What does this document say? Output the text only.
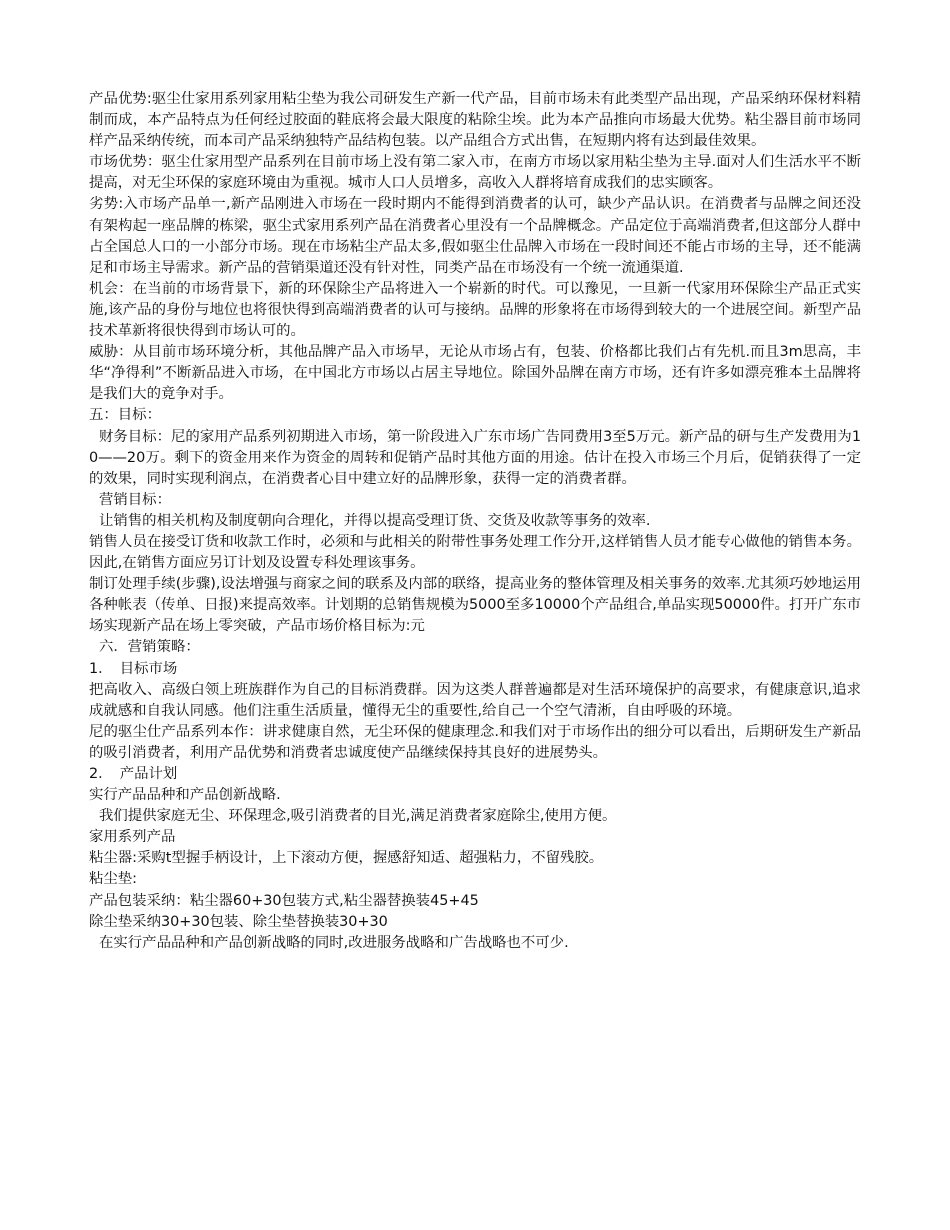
产品优势:驱尘仕家用系列家用粘尘垫为我公司研发生产新一代产品，目前市场未有此类型产品出现，产品采纳环保材料精制而成，本产品特点为任何经过胶面的鞋底将会最大限度的粘除尘埃。此为本产品推向市场最大优势。粘尘器目前市场同样产品采纳传统，而本司产品采纳独特产品结构包装。以产品组合方式出售，在短期内将有达到最佳效果。

市场优势：驱尘仕家用型产品系列在目前市场上没有第二家入市，在南方市场以家用粘尘垫为主导.面对人们生活水平不断提高，对无尘环保的家庭环境由为重视。城市人口人员增多，高收入人群将培育成我们的忠实顾客。

劣势:入市场产品单一,新产品刚进入市场在一段时期内不能得到消费者的认可，缺少产品认识。在消费者与品牌之间还没有架构起一座品牌的栋梁，驱尘式家用系列产品在消费者心里没有一个品牌概念。产品定位于高端消费者,但这部分人群中占全国总人口的一小部分市场。现在市场粘尘产品太多,假如驱尘仕品牌入市场在一段时间还不能占市场的主导，还不能满足和市场主导需求。新产品的营销渠道还没有针对性，同类产品在市场没有一个统一流通渠道.

机会：在当前的市场背景下，新的环保除尘产品将进入一个崭新的时代。可以豫见，一旦新一代家用环保除尘产品正式实施,该产品的身份与地位也将很快得到高端消费者的认可与接纳。品牌的形象将在市场得到较大的一个进展空间。新型产品技术革新将很快得到市场认可的。

威胁：从目前市场环境分析，其他品牌产品入市场早，无论从市场占有，包装、价格都比我们占有先机.而且3m思高，丰华“净得利”不断新品进入市场，在中国北方市场以占居主导地位。除国外品牌在南方市场，还有许多如漂亮雅本土品牌将是我们大的竟争对手。

五：目标：

财务目标：尼的家用产品系列初期进入市场，第一阶段进入广东市场广告同费用3至5万元。新产品的研与生产发费用为10——20万。剩下的资金用来作为资金的周转和促销产品时其他方面的用途。估计在投入市场三个月后，促销获得了一定的效果，同时实现利润点，在消费者心目中建立好的品牌形象，获得一定的消费者群。

营销目标：

让销售的相关机构及制度朝向合理化，并得以提高受理订货、交货及收款等事务的效率.

销售人员在接受订货和收款工作时，必须和与此相关的附带性事务处理工作分开,这样销售人员才能专心做他的销售本务。因此,在销售方面应另订计划及设置专科处理该事务。

制订处理手续(步骤),设法增强与商家之间的联系及内部的联络，提高业务的整体管理及相关事务的效率.尤其须巧妙地运用各种帐表（传单、日报)来提高效率。计划期的总销售规模为5000至多10000个产品组合,单品实现50000件。打开广东市场实现新产品在场上零突破，产品市场价格目标为:元

六．营销策略：

1．　目标市场

把高收入、高级白领上班族群作为自己的目标消费群。因为这类人群普遍都是对生活环境保护的高要求，有健康意识,追求成就感和自我认同感。他们注重生活质量，懂得无尘的重要性,给自己一个空气清淅，自由呼吸的环境。

尼的驱尘仕产品系列本作：讲求健康自然，无尘环保的健康理念.和我们对于市场作出的细分可以看出，后期研发生产新品的吸引消费者，利用产品优势和消费者忠诚度使产品继续保持其良好的进展势头。

2．　产品计划

实行产品品种和产品创新战略.

我们提供家庭无尘、环保理念,吸引消费者的目光,满足消费者家庭除尘,使用方便。

家用系列产品

粘尘器:采购t型握手柄设计，上下滚动方便，握感舒知适、超强粘力，不留残胶。

粘尘垫:

产品包装采纳：粘尘器60+30包装方式,粘尘器替换装45+45

除尘垫采纳30+30包装、除尘垫替换装30+30

在实行产品品种和产品创新战略的同时,改进服务战略和广告战略也不可少.
